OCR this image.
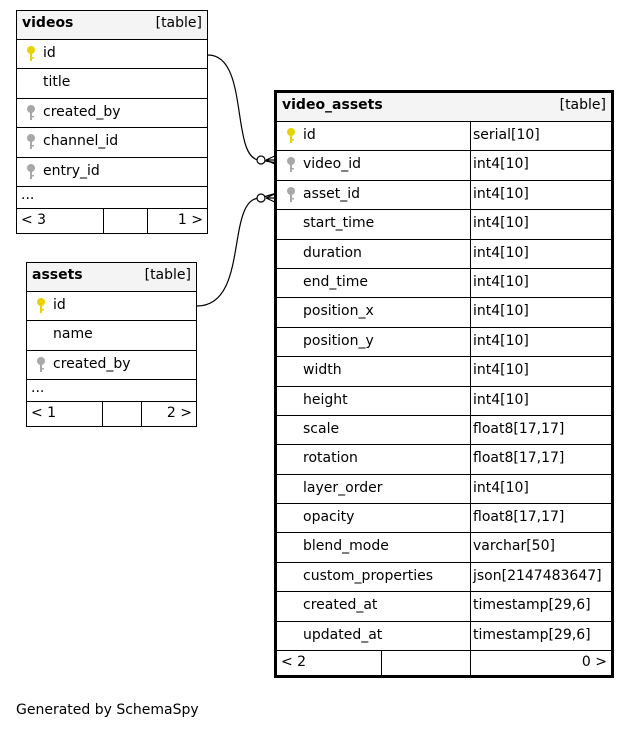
videos	[table]
id
title
created_by
channel_id
entry_id
...
< 3	1 >
assets	[table]
id
name
created_by
...
< 1	2 >
video_assets	[table]
id	serial[10]
video_id	int4[10]
asset_id	int4[10]
start_time	int4[10]
duration	int4[10]
end_time	int4[10]
position_x	int4[10]
position_y	int4[10]
width	int4[10]
height	int4[10]
scale	float8[17,17]
rotation	float8[17,17]
layer_order	int4[10]
opacity	float8[17,17]
blend_mode	varchar[50]
custom_properties	json[2147483647]
created_at	timestamp[29,6]
updated_at	timestamp[29,6]
< 2	0 >
Generated by SchemaSpy
